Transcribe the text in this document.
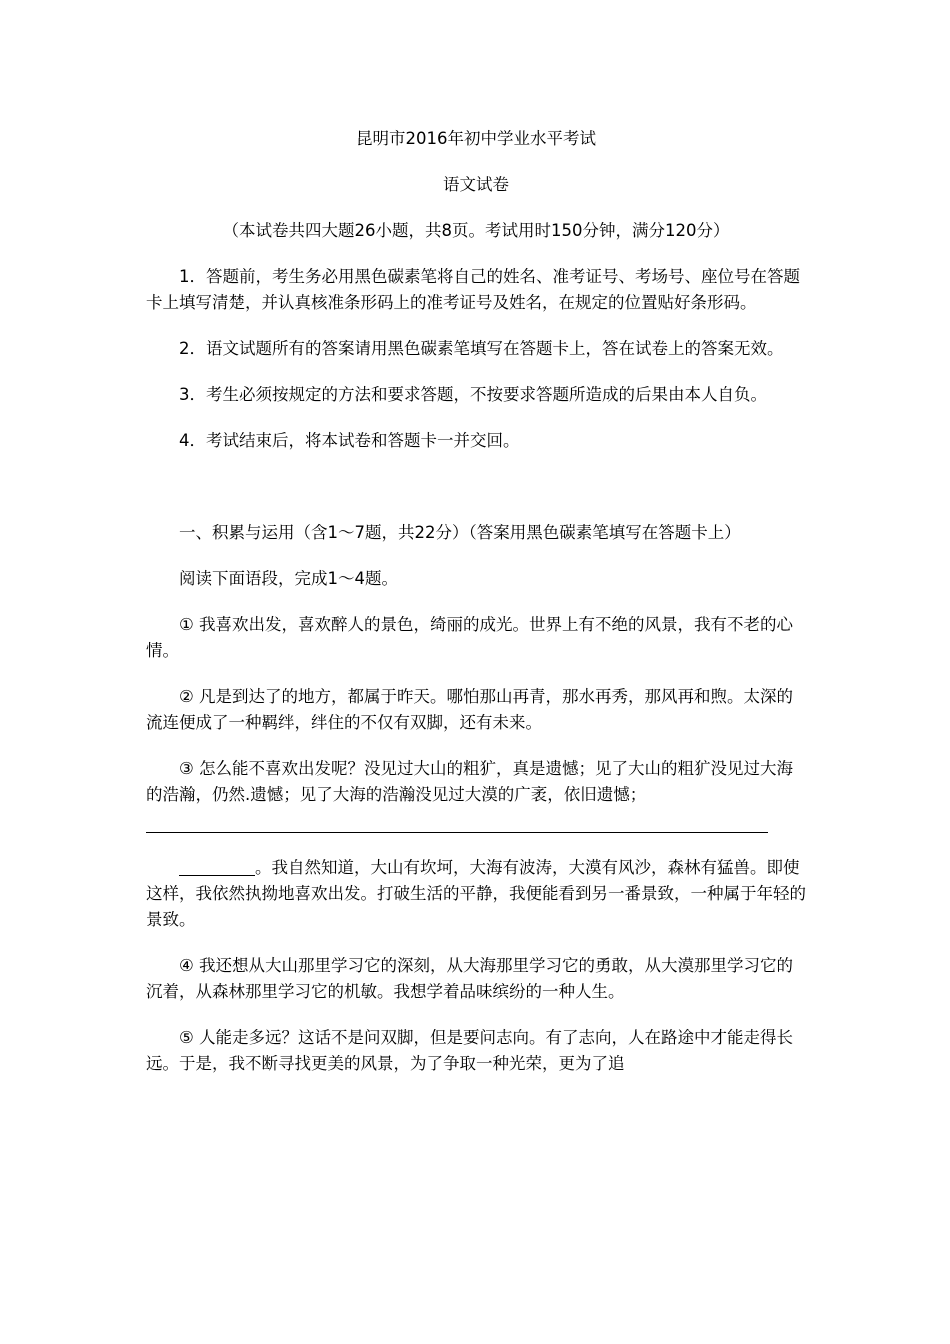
昆明市2016年初中学业水平考试
语文试卷
（本试卷共四大题26小题，共8页。考试用时150分钟，满分120分）

1．答题前，考生务必用黑色碳素笔将自己的姓名、准考证号、考场号、座位号在答题卡上填写清楚，并认真核准条形码上的准考证号及姓名，在规定的位置贴好条形码。

2．语文试题所有的答案请用黑色碳素笔填写在答题卡上，答在试卷上的答案无效。

3．考生必须按规定的方法和要求答题，不按要求答题所造成的后果由本人自负。

4．考试结束后，将本试卷和答题卡一并交回。

一、积累与运用（含1～7题，共22分）（答案用黑色碳素笔填写在答题卡上）

阅读下面语段，完成1～4题。

① 我喜欢出发，喜欢醉人的景色，绮丽的成光。世界上有不绝的风景，我有不老的心情。

② 凡是到达了的地方，都属于昨天。哪怕那山再青，那水再秀，那风再和煦。太深的流连便成了一种羁绊，绊住的不仅有双脚，还有未来。

③ 怎么能不喜欢出发呢？没见过大山的粗犷，真是遗憾；见了大山的粗犷没见过大海的浩瀚，仍然.遗憾；见了大海的浩瀚没见过大漠的广袤，依旧遗憾；

。我自然知道，大山有坎坷，大海有波涛，大漠有风沙，森林有猛兽。即使这样，我依然执拗地喜欢出发。打破生活的平静，我便能看到另一番景致，一种属于年轻的景致。

④ 我还想从大山那里学习它的深刻，从大海那里学习它的勇敢，从大漠那里学习它的沉着，从森林那里学习它的机敏。我想学着品味缤纷的一种人生。

⑤ 人能走多远？这话不是问双脚，但是要问志向。有了志向，人在路途中才能走得长远。于是，我不断寻找更美的风景，为了争取一种光荣，更为了追
